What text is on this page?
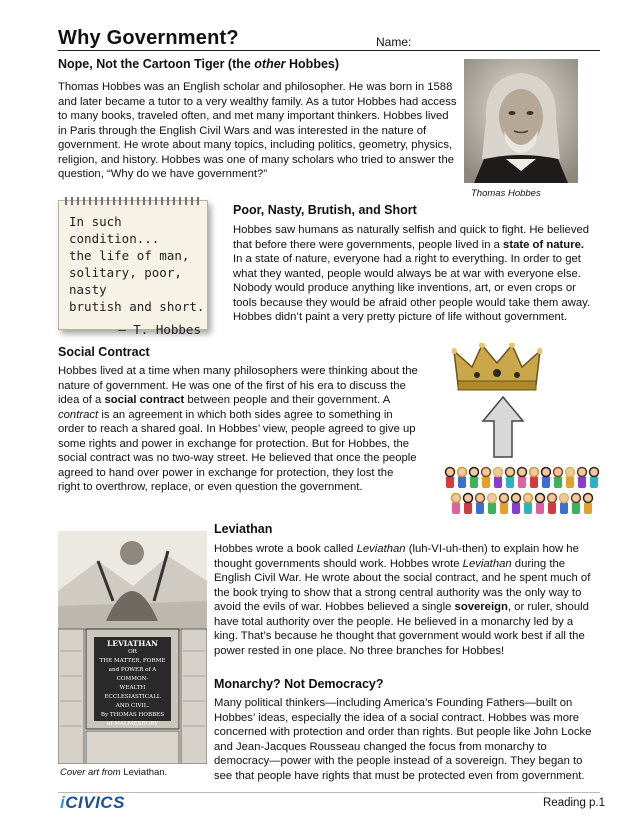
Why Government?	Name:
Nope, Not the Cartoon Tiger (the other Hobbes)

Thomas Hobbes was an English scholar and philosopher. He was born in 1588 and later became a tutor to a very wealthy family. As a tutor Hobbes had access to many books, traveled often, and met many important thinkers. Hobbes lived in Paris through the English Civil Wars and was interested in the nature of government. He wrote about many topics, including politics, geometry, physics, religion, and history. Hobbes was one of many scholars who tried to answer the question, “Why do we have government?”

Thomas Hobbes
In such condition...
the life of man,
solitary, poor, nasty
brutish and short.
– T. Hobbes
Poor, Nasty, Brutish, and Short

Hobbes saw humans as naturally selfish and quick to fight. He believed that before there were governments, people lived in a state of nature. In a state of nature, everyone had a right to everything. In order to get what they wanted, people would always be at war with everyone else. Nobody would produce anything like inventions, art, or even crops or tools because they would be afraid other people would take them away. Hobbes didn’t paint a very pretty picture of life without government.

Social Contract

Hobbes lived at a time when many philosophers were thinking about the nature of government. He was one of the first of his era to discuss the idea of a social contract between people and their government. A contract is an agreement in which both sides agree to something in order to reach a shared goal. In Hobbes’ view, people agreed to give up some rights and power in exchange for protection. But for Hobbes, the social contract was no two-way street. He believed that once the people agreed to hand over power in exchange for protection, they lost the right to overthrow, replace, or even question the government.

LEVIATHAN
OR
THE MATTER, FORME
and POWER of A COMMON-
WEALTH ECCLESIASTICALL
AND CIVIL.
By THOMAS HOBBES
of MALMESBURY
Cover art from Leviathan.
Leviathan

Hobbes wrote a book called Leviathan (luh-VI-uh-then) to explain how he thought governments should work. Hobbes wrote Leviathan during the English Civil War. He wrote about the social contract, and he spent much of the book trying to show that a strong central authority was the only way to avoid the evils of war. Hobbes believed a single sovereign, or ruler, should have total authority over the people. He believed in a monarchy led by a king. That’s because he thought that government would work best if all the power rested in one place. No three branches for Hobbes!

Monarchy? Not Democracy?

Many political thinkers—including America’s Founding Fathers—built on Hobbes’ ideas, especially the idea of a social contract. Hobbes was more concerned with protection and order than rights. But people like John Locke and Jean-Jacques Rousseau changed the focus from monarchy to democracy—power with the people instead of a sovereign. They began to see that people have rights that must be protected even from government.

iCIVICS	Reading p.1
